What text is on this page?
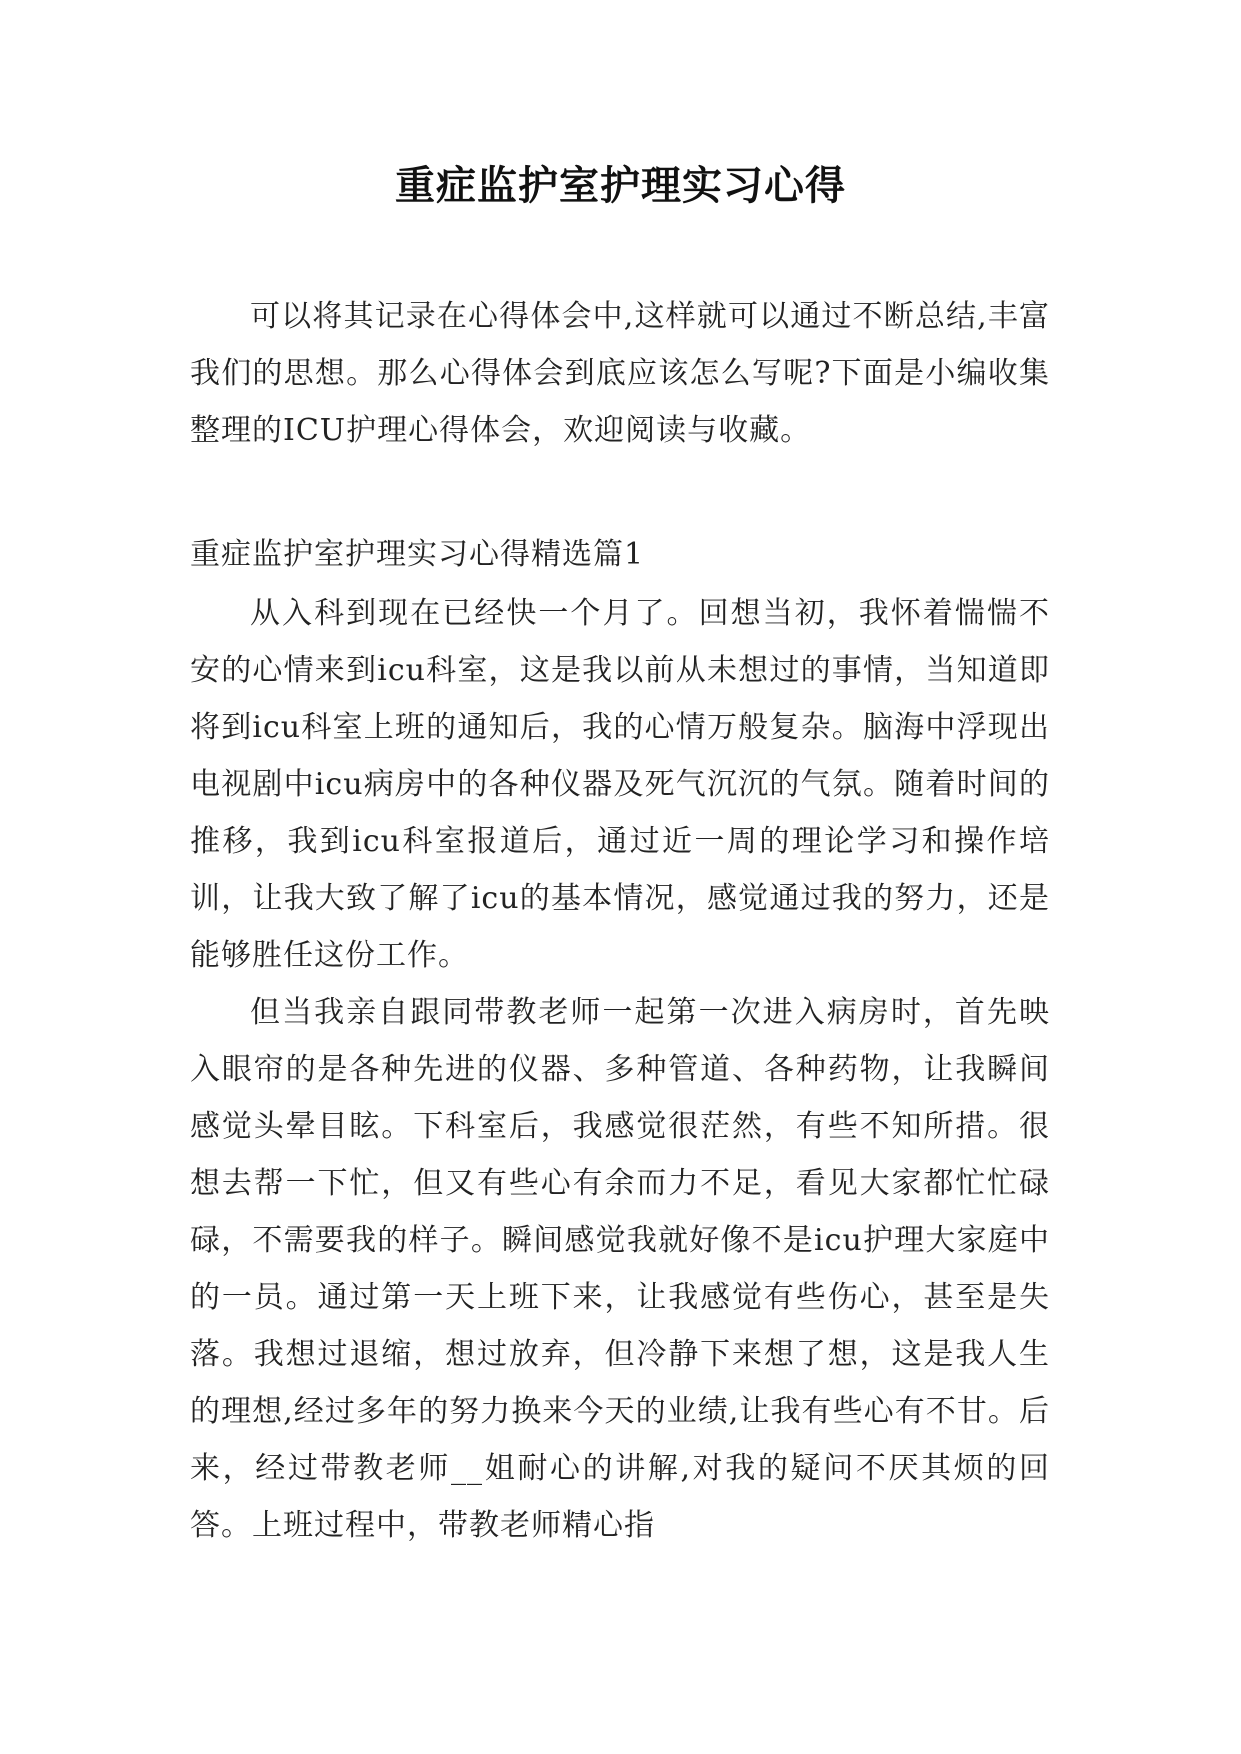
重症监护室护理实习心得

可以将其记录在心得体会中,这样就可以通过不断总结,丰富我们的思想。那么心得体会到底应该怎么写呢?下面是小编收集整理的ICU护理心得体会，欢迎阅读与收藏。

重症监护室护理实习心得精选篇1

从入科到现在已经快一个月了。回想当初，我怀着惴惴不安的心情来到icu科室，这是我以前从未想过的事情，当知道即将到icu科室上班的通知后，我的心情万般复杂。脑海中浮现出电视剧中icu病房中的各种仪器及死气沉沉的气氛。随着时间的推移，我到icu科室报道后，通过近一周的理论学习和操作培训，让我大致了解了icu的基本情况，感觉通过我的努力，还是能够胜任这份工作。

但当我亲自跟同带教老师一起第一次进入病房时，首先映入眼帘的是各种先进的仪器、多种管道、各种药物，让我瞬间感觉头晕目眩。下科室后，我感觉很茫然，有些不知所措。很想去帮一下忙，但又有些心有余而力不足，看见大家都忙忙碌碌，不需要我的样子。瞬间感觉我就好像不是icu护理大家庭中的一员。通过第一天上班下来，让我感觉有些伤心，甚至是失落。我想过退缩，想过放弃，但冷静下来想了想，这是我人生的理想,经过多年的努力换来今天的业绩,让我有些心有不甘。后来，经过带教老师__姐耐心的讲解,对我的疑问不厌其烦的回答。上班过程中，带教老师精心指
